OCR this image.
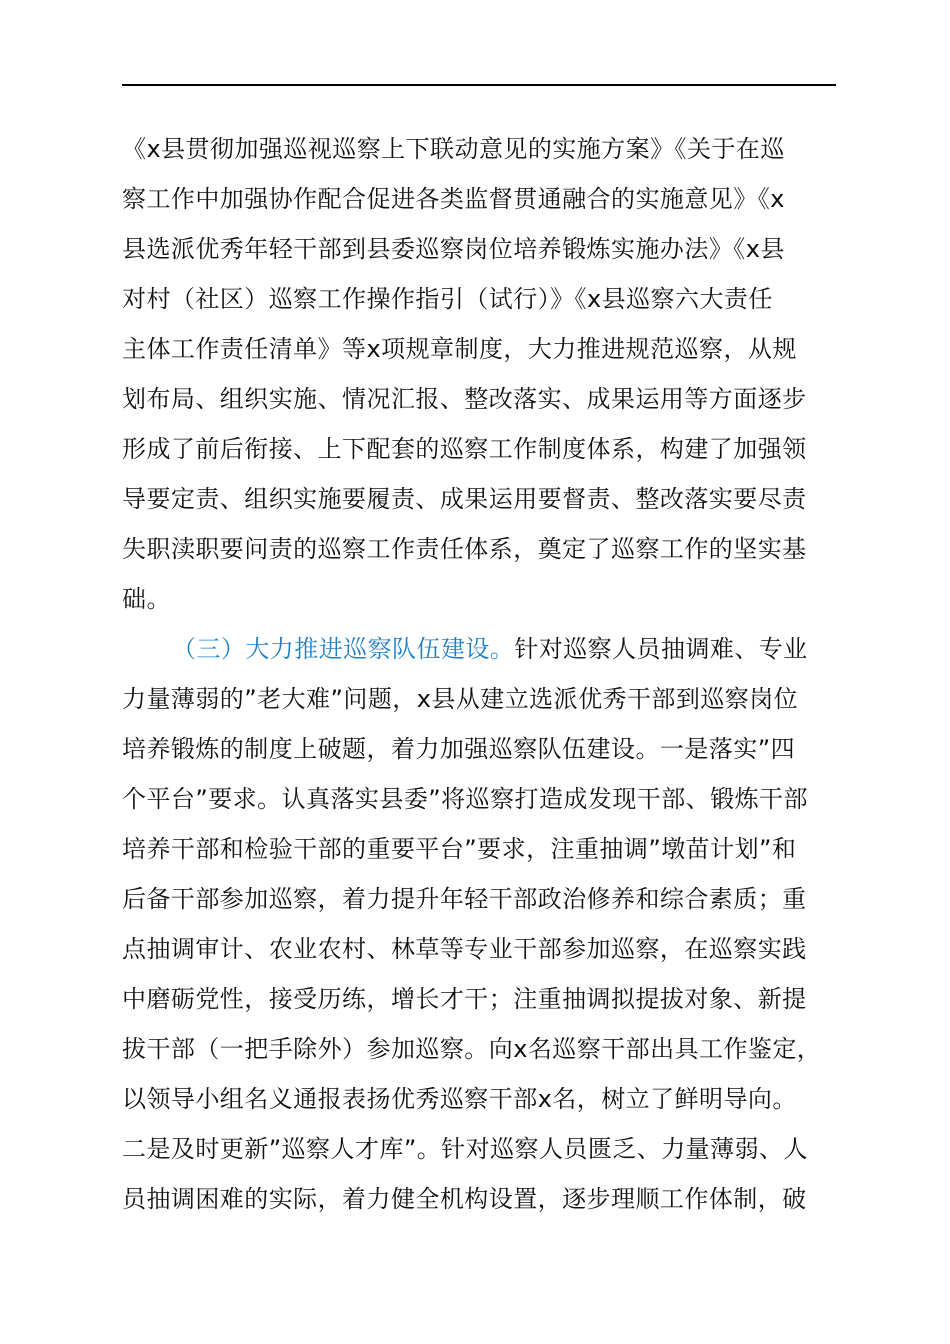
《x县贯彻加强巡视巡察上下联动意见的实施方案》《关于在巡
察工作中加强协作配合促进各类监督贯通融合的实施意见》《x
县选派优秀年轻干部到县委巡察岗位培养锻炼实施办法》《x县
对村（社区）巡察工作操作指引（试行）》《x县巡察六大责任
主体工作责任清单》等x项规章制度，大力推进规范巡察，从规
划布局、组织实施、情况汇报、整改落实、成果运用等方面逐步
形成了前后衔接、上下配套的巡察工作制度体系，构建了加强领
导要定责、组织实施要履责、成果运用要督责、整改落实要尽责
失职渎职要问责的巡察工作责任体系，奠定了巡察工作的坚实基
础。
（三）大力推进巡察队伍建设。针对巡察人员抽调难、专业
力量薄弱的”老大难”问题，x县从建立选派优秀干部到巡察岗位
培养锻炼的制度上破题，着力加强巡察队伍建设。一是落实”四
个平台”要求。认真落实县委”将巡察打造成发现干部、锻炼干部
培养干部和检验干部的重要平台”要求，注重抽调”墩苗计划”和
后备干部参加巡察，着力提升年轻干部政治修养和综合素质；重
点抽调审计、农业农村、林草等专业干部参加巡察，在巡察实践
中磨砺党性，接受历练，增长才干；注重抽调拟提拔对象、新提
拔干部（一把手除外）参加巡察。向x名巡察干部出具工作鉴定，
以领导小组名义通报表扬优秀巡察干部x名，树立了鲜明导向。
二是及时更新”巡察人才库”。针对巡察人员匮乏、力量薄弱、人
员抽调困难的实际，着力健全机构设置，逐步理顺工作体制，破
